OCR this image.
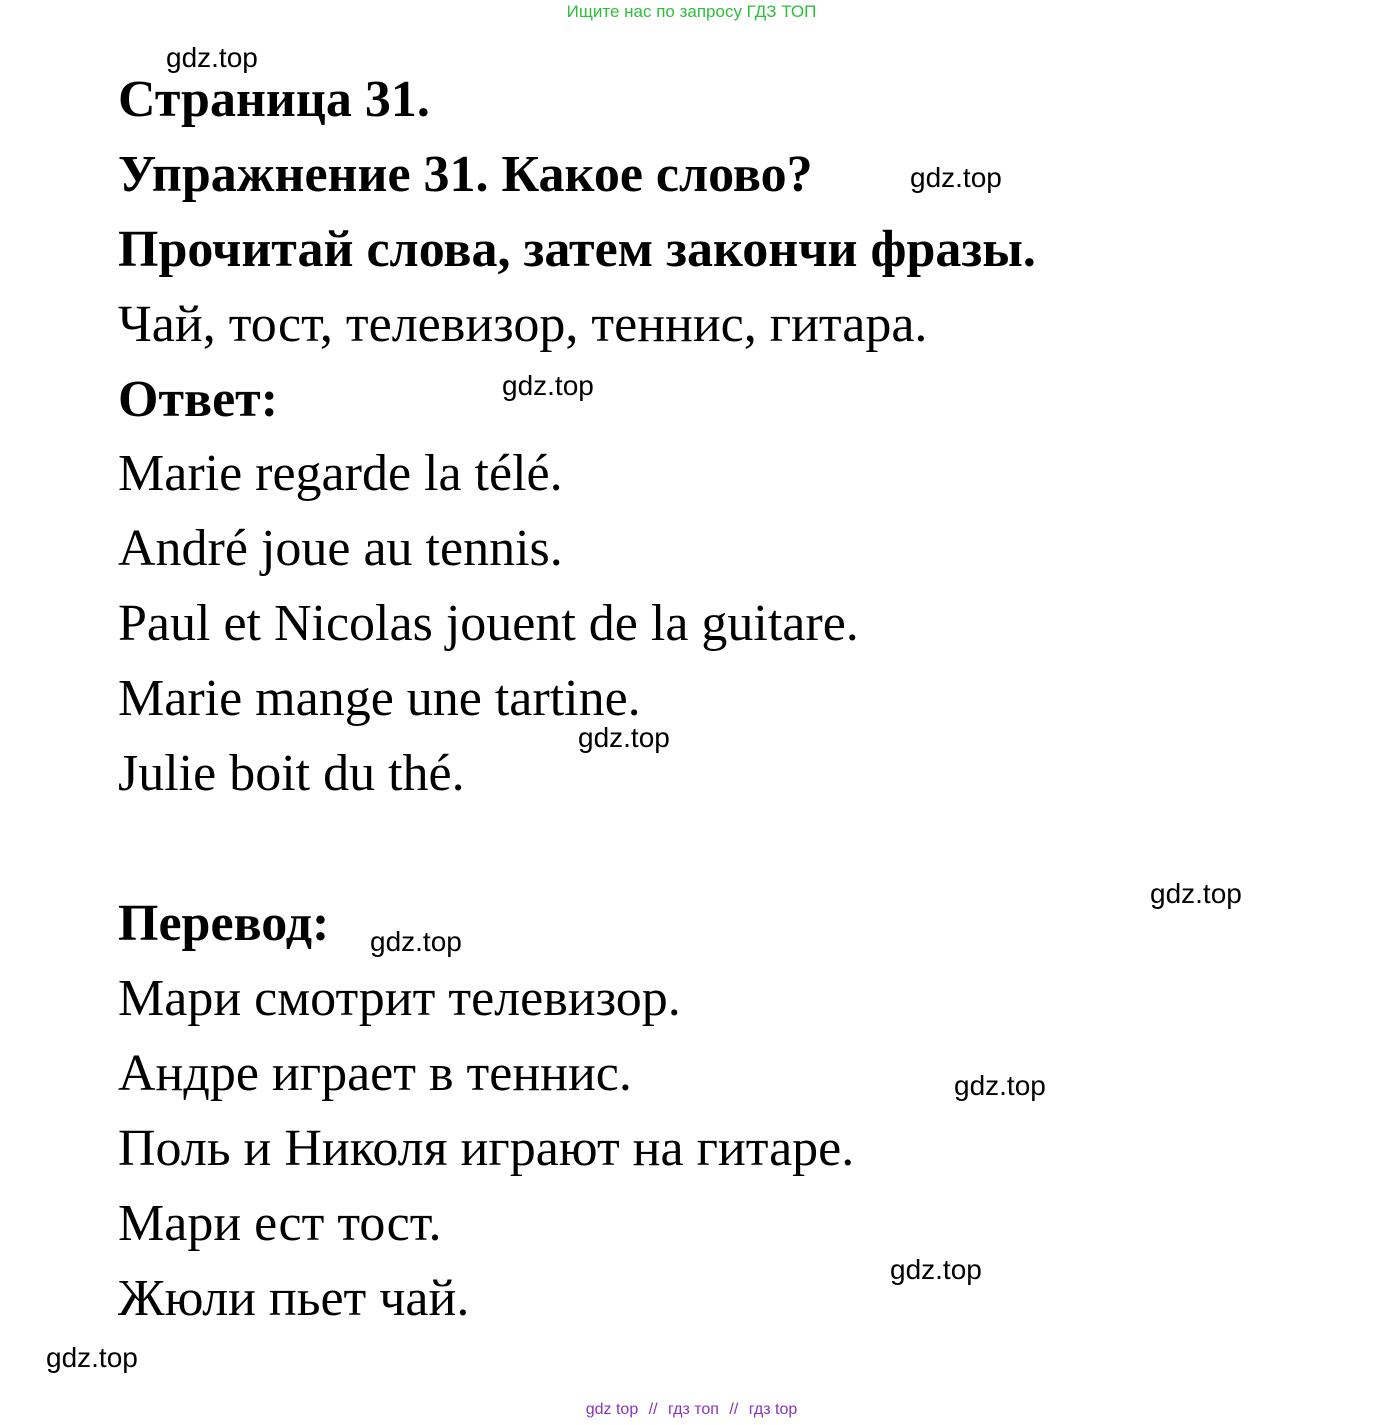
Ищите нас по запросу ГДЗ ТОП
Страница 31.
Упражнение 31. Какое слово?
Прочитай слова, затем закончи фразы.
Чай, тост, телевизор, теннис, гитара.
Ответ:
Marie regarde la télé.
André joue au tennis.
Paul et Nicolas jouent de la guitare.
Marie mange une tartine.
Julie boit du thé.
Перевод:
Мари смотрит телевизор.
Андре играет в теннис.
Поль и Николя играют на гитаре.
Мари ест тост.
Жюли пьет чай.
gdz.top
gdz.top
gdz.top
gdz.top
gdz.top
gdz.top
gdz.top
gdz.top
gdz.top
gdz top // гдз топ // гдз top
